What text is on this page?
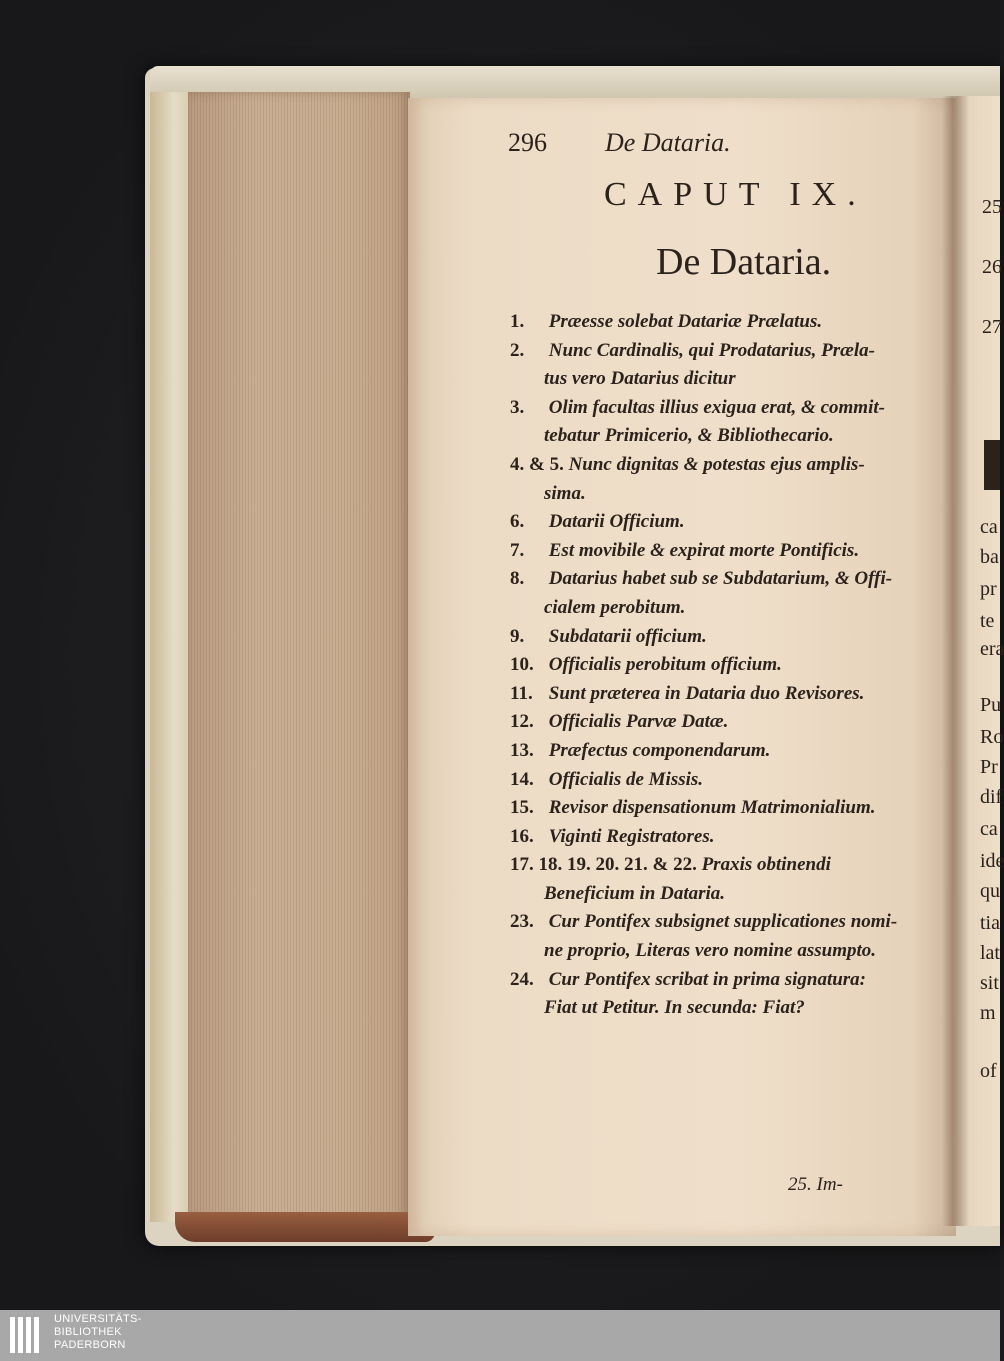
296 De Dataria.
CAPUT IX.
De Dataria.
1. Præesse solebat Datariæ Prælatus.
2. Nunc Cardinalis, qui Prodatarius, Præla-
tus vero Datarius dicitur
3. Olim facultas illius exigua erat, & commit-
tebatur Primicerio, & Bibliothecario.
4. & 5. Nunc dignitas & potestas ejus amplis-
sima.
6. Datarii Officium.
7. Est movibile & expirat morte Pontificis.
8. Datarius habet sub se Subdatarium, & Offi-
cialem perobitum.
9. Subdatarii officium.
10. Officialis perobitum officium.
11. Sunt præterea in Dataria duo Revisores.
12. Officialis Parvæ Datæ.
13. Præfectus componendarum.
14. Officialis de Missis.
15. Revisor dispensationum Matrimonialium.
16. Viginti Registratores.
17. 18. 19. 20. 21. & 22. Praxis obtinendi
Beneficium in Dataria.
23. Cur Pontifex subsignet supplicationes nomi-
ne proprio, Literas vero nomine assumpto.
24. Cur Pontifex scribat in prima signatura:
Fiat ut Petitur. In secunda: Fiat?
25. Im-
25
26
27
ca
ba
pr
te
era
Pu
Ro
Pr
dif
ca
ide
qu
tia
lat
sit
m
of
UNIVERSITÄTS-
BIBLIOTHEK
PADERBORN
